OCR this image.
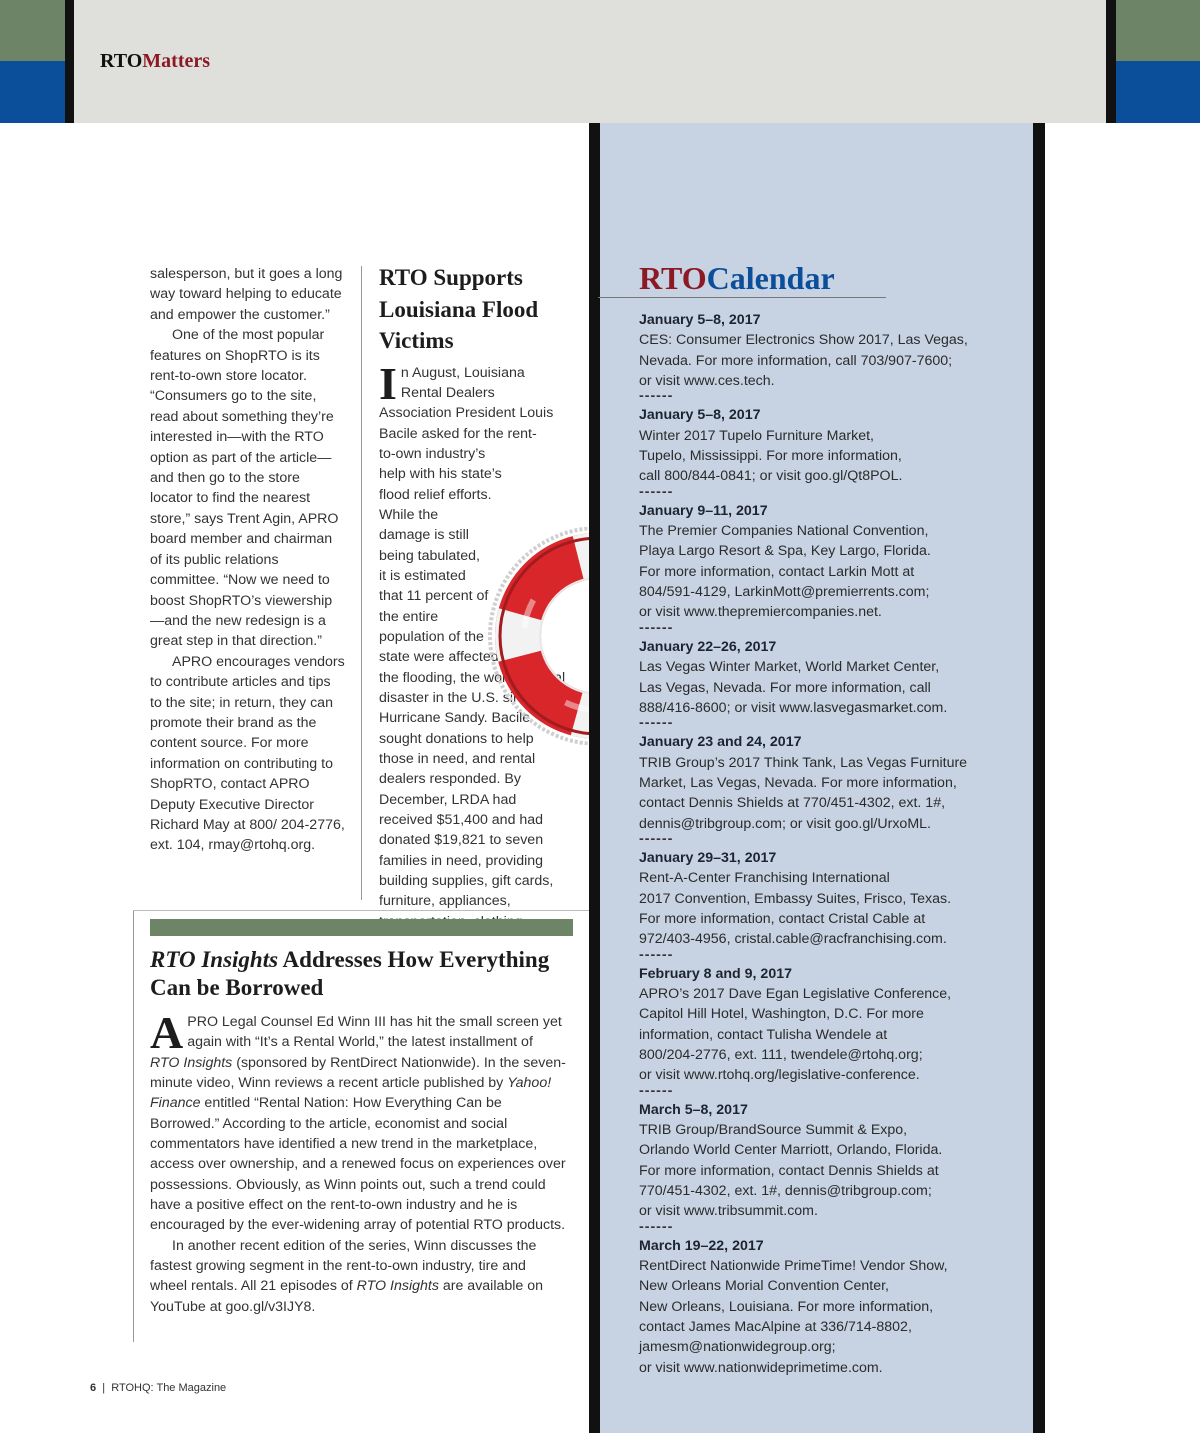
RTOMatters

salesperson, but it goes a long way toward helping to educate and empower the customer.”

One of the most popular features on ShopRTO is its rent-to-own store locator. “Consumers go to the site, read about something they’re interested in—with the RTO option as part of the article—and then go to the store locator to find the nearest store,” says Trent Agin, APRO board member and chairman of its public relations committee. “Now we need to boost ShopRTO’s viewership—and the new redesign is a great step in that direction.”

APRO encourages vendors to contribute articles and tips to the site; in return, they can promote their brand as the content source. For more information on contributing to ShopRTO, contact APRO Deputy Executive Director Richard May at 800/ 204-2776, ext. 104, rmay@rtohq.org.

RTO Supports Louisiana Flood Victims
In August, Louisiana Rental Dealers Association President Louis Bacile asked for the rent-to-own industry’s help with his state’s flood relief efforts. While the damage is still being tabulated, it is estimated that 11 percent of the entire population of the state were affected by the flooding, the worst natural disaster in the U.S. since Hurricane Sandy. Bacile sought donations to help those in need, and rental dealers responded. By December, LRDA had received $51,400 and had donated $19,821 to seven families in need, providing building supplies, gift cards, furniture, appliances,
RTO Insights Addresses How Everything Can be Borrowed

APRO Legal Counsel Ed Winn III has hit the small screen yet again with “It’s a Rental World,” the latest installment of RTO Insights (sponsored by RentDirect Nationwide). In the seven-minute video, Winn reviews a recent article published by Yahoo! Finance entitled “Rental Nation: How Everything Can be Borrowed.” According to the article, economist and social commentators have identified a new trend in the marketplace, access over ownership, and a renewed focus on experiences over possessions. Obviously, as Winn points out, such a trend could have a positive effect on the rent-to-own industry and he is encouraged by the ever-widening array of potential RTO products.

In another recent edition of the series, Winn discusses the fastest growing segment in the rent-to-own industry, tire and wheel rentals. All 21 episodes of RTO Insights are available on YouTube at goo.gl/v3IJY8.

RTOCalendar
January 5–8, 2017
CES: Consumer Electronics Show 2017, Las Vegas,
Nevada. For more information, call 703/907-7600;
or visit www.ces.tech.
------
January 5–8, 2017
Winter 2017 Tupelo Furniture Market,
Tupelo, Mississippi. For more information,
call 800/844-0841; or visit goo.gl/Qt8POL.
------
January 9–11, 2017
The Premier Companies National Convention,
Playa Largo Resort & Spa, Key Largo, Florida.
For more information, contact Larkin Mott at
804/591-4129, LarkinMott@premierrents.com;
or visit www.thepremiercompanies.net.
------
January 22–26, 2017
Las Vegas Winter Market, World Market Center,
Las Vegas, Nevada. For more information, call
888/416-8600; or visit www.lasvegasmarket.com.
------
January 23 and 24, 2017
TRIB Group’s 2017 Think Tank, Las Vegas Furniture
Market, Las Vegas, Nevada. For more information,
contact Dennis Shields at 770/451-4302, ext. 1#,
dennis@tribgroup.com; or visit goo.gl/UrxoML.
------
January 29–31, 2017
Rent-A-Center Franchising International
2017 Convention, Embassy Suites, Frisco, Texas.
For more information, contact Cristal Cable at
972/403-4956, cristal.cable@racfranchising.com.
------
February 8 and 9, 2017
APRO’s 2017 Dave Egan Legislative Conference,
Capitol Hill Hotel, Washington, D.C. For more
information, contact Tulisha Wendele at
800/204-2776, ext. 111, twendele@rtohq.org;
or visit www.rtohq.org/legislative-conference.
------
March 5–8, 2017
TRIB Group/BrandSource Summit & Expo,
Orlando World Center Marriott, Orlando, Florida.
For more information, contact Dennis Shields at
770/451-4302, ext. 1#, dennis@tribgroup.com;
or visit www.tribsummit.com.
------
March 19–22, 2017
RentDirect Nationwide PrimeTime! Vendor Show,
New Orleans Morial Convention Center,
New Orleans, Louisiana. For more information,
contact James MacAlpine at 336/714-8802,
jamesm@nationwidegroup.org;
or visit www.nationwideprimetime.com.
6 | RTOHQ: The Magazine
